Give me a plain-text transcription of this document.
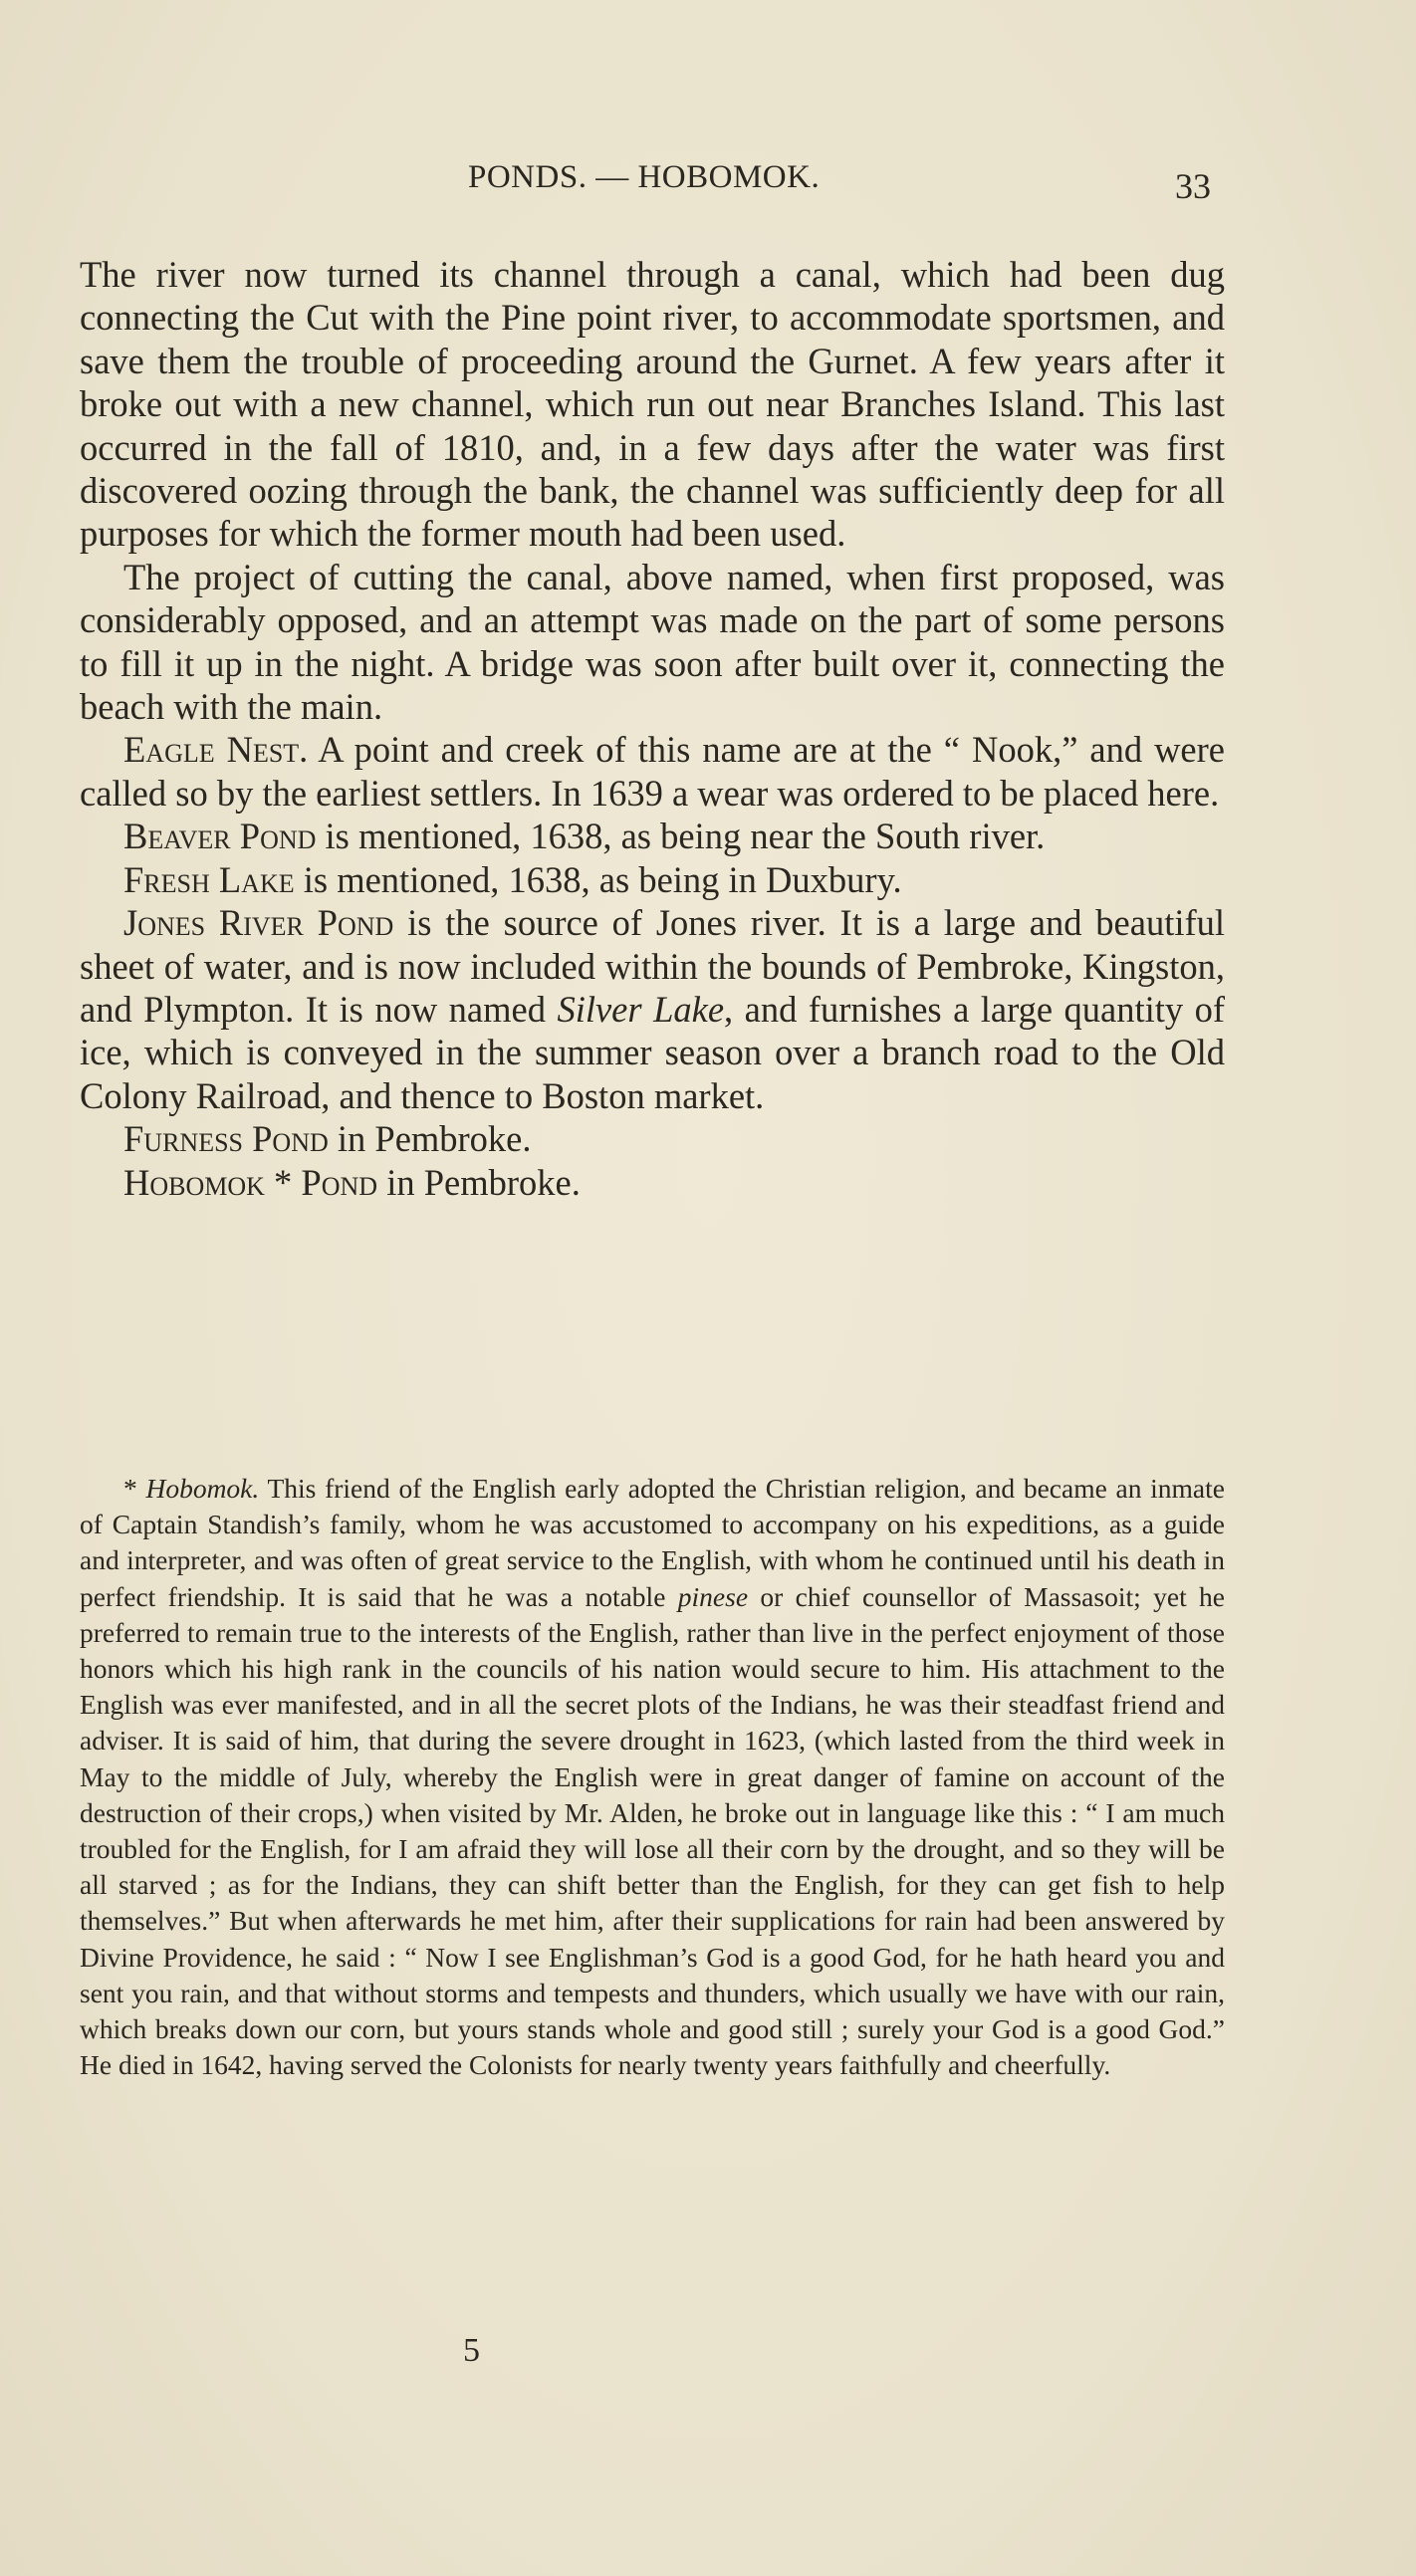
PONDS. — HOBOMOK.	33

The river now turned its channel through a canal, which had been dug connecting the Cut with the Pine point river, to accommodate sportsmen, and save them the trouble of proceeding around the Gurnet. A few years after it broke out with a new channel, which run out near Branches Island. This last occurred in the fall of 1810, and, in a few days after the water was first discovered oozing through the bank, the channel was sufficiently deep for all purposes for which the former mouth had been used.

The project of cutting the canal, above named, when first proposed, was considerably opposed, and an attempt was made on the part of some persons to fill it up in the night. A bridge was soon after built over it, connecting the beach with the main.

Eagle Nest. A point and creek of this name are at the “ Nook,” and were called so by the earliest settlers. In 1639 a wear was ordered to be placed here.

Beaver Pond is mentioned, 1638, as being near the South river.

Fresh Lake is mentioned, 1638, as being in Duxbury.

Jones River Pond is the source of Jones river. It is a large and beautiful sheet of water, and is now included within the bounds of Pembroke, Kingston, and Plympton. It is now named Silver Lake, and furnishes a large quantity of ice, which is conveyed in the summer season over a branch road to the Old Colony Railroad, and thence to Boston market.

Furness Pond in Pembroke.

Hobomok * Pond in Pembroke.

* Hobomok. This friend of the English early adopted the Christian religion, and became an inmate of Captain Standish’s family, whom he was accustomed to accompany on his expeditions, as a guide and interpreter, and was often of great service to the English, with whom he continued until his death in perfect friendship. It is said that he was a notable pinese or chief counsellor of Massasoit; yet he preferred to remain true to the interests of the English, rather than live in the perfect enjoyment of those honors which his high rank in the councils of his nation would secure to him. His attachment to the English was ever manifested, and in all the secret plots of the Indians, he was their steadfast friend and adviser. It is said of him, that during the severe drought in 1623, (which lasted from the third week in May to the middle of July, whereby the English were in great danger of famine on account of the destruction of their crops,) when visited by Mr. Alden, he broke out in language like this : “ I am much troubled for the English, for I am afraid they will lose all their corn by the drought, and so they will be all starved ; as for the Indians, they can shift better than the English, for they can get fish to help themselves.” But when afterwards he met him, after their supplications for rain had been answered by Divine Providence, he said : “ Now I see Englishman’s God is a good God, for he hath heard you and sent you rain, and that without storms and tempests and thunders, which usually we have with our rain, which breaks down our corn, but yours stands whole and good still ; surely your God is a good God.” He died in 1642, having served the Colonists for nearly twenty years faithfully and cheerfully.

5
